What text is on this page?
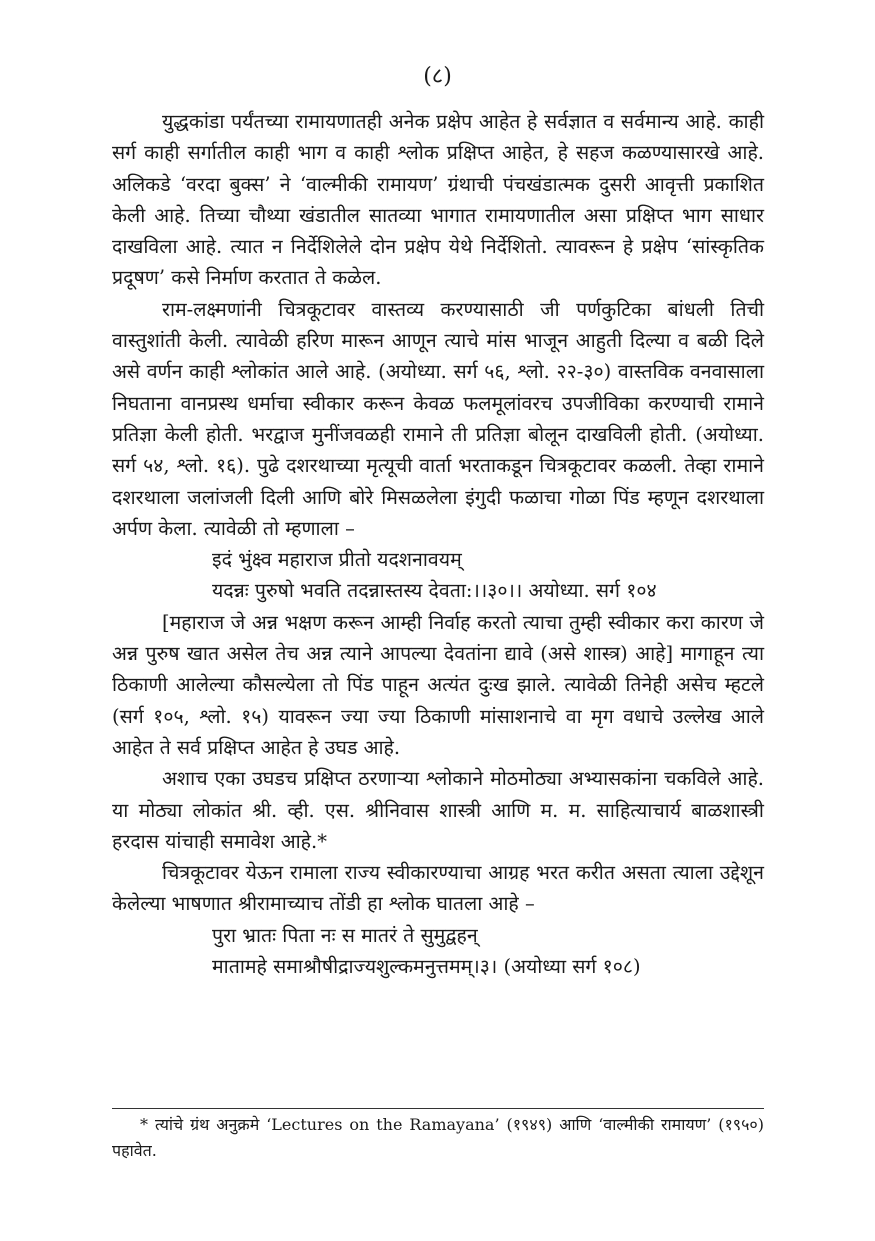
(८)

युद्धकांडा पर्यंतच्या रामायणातही अनेक प्रक्षेप आहेत हे सर्वज्ञात व सर्वमान्य आहे. काही सर्ग काही सर्गातील काही भाग व काही श्लोक प्रक्षिप्त आहेत, हे सहज कळण्यासारखे आहे. अलिकडे ‘वरदा बुक्स’ ने ‘वाल्मीकी रामायण’ ग्रंथाची पंचखंडात्मक दुसरी आवृत्ती प्रकाशित केली आहे. तिच्या चौथ्या खंडातील सातव्या भागात रामायणातील असा प्रक्षिप्त भाग साधार दाखविला आहे. त्यात न निर्देशिलेले दोन प्रक्षेप येथे निर्देशितो. त्यावरून हे प्रक्षेप ‘सांस्कृतिक प्रदूषण’ कसे निर्माण करतात ते कळेल.

राम-लक्ष्मणांनी चित्रकूटावर वास्तव्य करण्यासाठी जी पर्णकुटिका बांधली तिची वास्तुशांती केली. त्यावेळी हरिण मारून आणून त्याचे मांस भाजून आहुती दिल्या व बळी दिले असे वर्णन काही श्लोकांत आले आहे. (अयोध्या. सर्ग ५६, श्लो. २२-३०) वास्तविक वनवासाला निघताना वानप्रस्थ धर्माचा स्वीकार करून केवळ फलमूलांवरच उपजीविका करण्याची रामाने प्रतिज्ञा केली होती. भरद्वाज मुनींजवळही रामाने ती प्रतिज्ञा बोलून दाखविली होती. (अयोध्या. सर्ग ५४, श्लो. १६). पुढे दशरथाच्या मृत्यूची वार्ता भरताकडून चित्रकूटावर कळली. तेव्हा रामाने दशरथाला जलांजली दिली आणि बोरे मिसळलेला इंगुदी फळाचा गोळा पिंड म्हणून दशरथाला अर्पण केला. त्यावेळी तो म्हणाला –

इदं भुंक्ष्व महाराज प्रीतो यदशनावयम्

यदन्नः पुरुषो भवति तदन्नास्तस्य देवता:।।३०।। अयोध्या. सर्ग १०४

[महाराज जे अन्न भक्षण करून आम्ही निर्वाह करतो त्याचा तुम्ही स्वीकार करा कारण जे अन्न पुरुष खात असेल तेच अन्न त्याने आपल्या देवतांना द्यावे (असे शास्त्र) आहे] मागाहून त्या ठिकाणी आलेल्या कौसल्येला तो पिंड पाहून अत्यंत दुःख झाले. त्यावेळी तिनेही असेच म्हटले (सर्ग १०५, श्लो. १५) यावरून ज्या ज्या ठिकाणी मांसाशनाचे वा मृग वधाचे उल्लेख आले आहेत ते सर्व प्रक्षिप्त आहेत हे उघड आहे.

अशाच एका उघडच प्रक्षिप्त ठरणाऱ्या श्लोकाने मोठमोठ्या अभ्यासकांना चकविले आहे. या मोठ्या लोकांत श्री. व्ही. एस. श्रीनिवास शास्त्री आणि म. म. साहित्याचार्य बाळशास्त्री हरदास यांचाही समावेश आहे.*

चित्रकूटावर येऊन रामाला राज्य स्वीकारण्याचा आग्रह भरत करीत असता त्याला उद्देशून केलेल्या भाषणात श्रीरामाच्याच तोंडी हा श्लोक घातला आहे –

पुरा भ्रातः पिता नः स मातरं ते सुमुद्वहन्

मातामहे समाश्रौषीद्राज्यशुल्कमनुत्तमम्।३। (अयोध्या सर्ग १०८)

* त्यांचे ग्रंथ अनुक्रमे ‘Lectures on the Ramayana’ (१९४९) आणि ‘वाल्मीकी रामायण’ (१९५०) पहावेत.
